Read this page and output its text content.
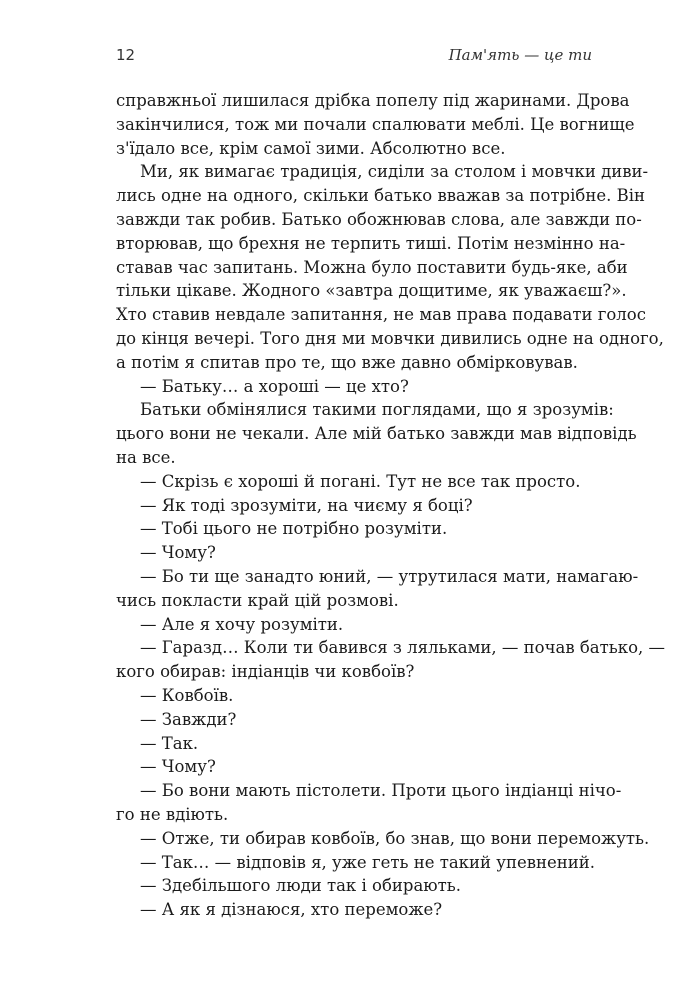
12	Пам'ять — це ти
справжньої лишилася дрібка попелу під жаринами. Дрова
закінчилися, тож ми почали спалювати меблі. Це вогнище
з'їдало все, крім самої зими. Абсолютно все.
Ми, як вимагає традиція, сиділи за столом і мовчки диви-
лись одне на одного, скільки батько вважав за потрібне. Він
завжди так робив. Батько обожнював слова, але завжди по-
вторював, що брехня не терпить тиші. Потім незмінно на-
ставав час запитань. Можна було поставити будь-яке, аби
тільки цікаве. Жодного «завтра дощитиме, як уважаєш?».
Хто ставив невдале запитання, не мав права подавати голос
до кінця вечері. Того дня ми мовчки дивились одне на одного,
а потім я спитав про те, що вже давно обмірковував.
— Батьку… а хороші — це хто?
Батьки обмінялися такими поглядами, що я зрозумів:
цього вони не чекали. Але мій батько завжди мав відповідь
на все.
— Скрізь є хороші й погані. Тут не все так просто.
— Як тоді зрозуміти, на чиєму я боці?
— Тобі цього не потрібно розуміти.
— Чому?
— Бо ти ще занадто юний, — утрутилася мати, намагаю-
чись покласти край цій розмові.
— Але я хочу розуміти.
— Гаразд… Коли ти бавився з ляльками, — почав батько, —
кого обирав: індіанців чи ковбоїв?
— Ковбоїв.
— Завжди?
— Так.
— Чому?
— Бо вони мають пістолети. Проти цього індіанці нічо-
го не вдіють.
— Отже, ти обирав ковбоїв, бо знав, що вони переможуть.
— Так… — відповів я, уже геть не такий упевнений.
— Здебільшого люди так і обирають.
— А як я дізнаюся, хто переможе?
